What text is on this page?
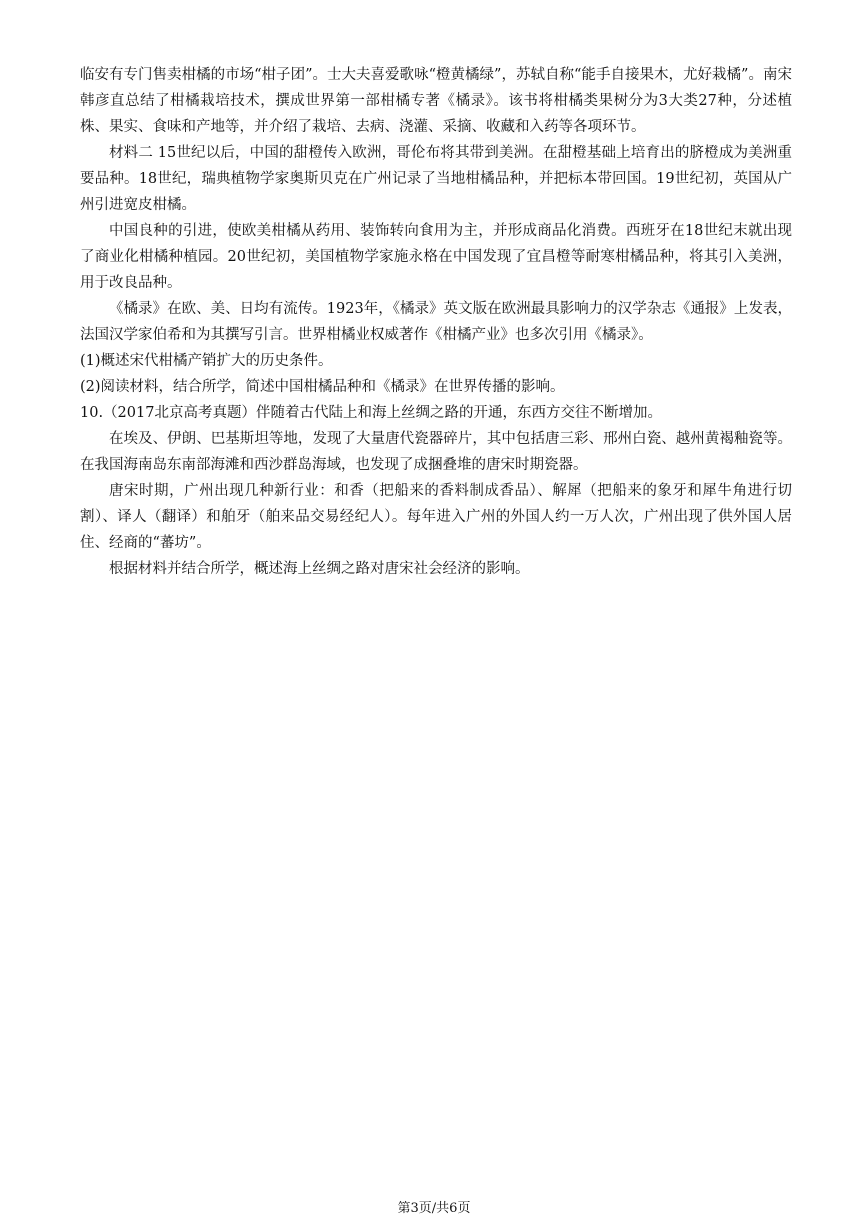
临安有专门售卖柑橘的市场“柑子团”。士大夫喜爱歌咏“橙黄橘绿”，苏轼自称“能手自接果木，尤好栽橘”。南宋韩彦直总结了柑橘栽培技术，撰成世界第一部柑橘专著《橘录》。该书将柑橘类果树分为3大类27种，分述植株、果实、食味和产地等，并介绍了栽培、去病、浇灌、采摘、收藏和入药等各项环节。

材料二 15世纪以后，中国的甜橙传入欧洲，哥伦布将其带到美洲。在甜橙基础上培育出的脐橙成为美洲重要品种。18世纪，瑞典植物学家奥斯贝克在广州记录了当地柑橘品种，并把标本带回国。19世纪初，英国从广州引进宽皮柑橘。

中国良种的引进，使欧美柑橘从药用、装饰转向食用为主，并形成商品化消费。西班牙在18世纪末就出现了商业化柑橘种植园。20世纪初，美国植物学家施永格在中国发现了宜昌橙等耐寒柑橘品种，将其引入美洲，用于改良品种。

《橘录》在欧、美、日均有流传。1923年，《橘录》英文版在欧洲最具影响力的汉学杂志《通报》上发表，法国汉学家伯希和为其撰写引言。世界柑橘业权威著作《柑橘产业》也多次引用《橘录》。

(1)概述宋代柑橘产销扩大的历史条件。

(2)阅读材料，结合所学，简述中国柑橘品种和《橘录》在世界传播的影响。

10.（2017北京高考真题）伴随着古代陆上和海上丝绸之路的开通，东西方交往不断增加。

在埃及、伊朗、巴基斯坦等地，发现了大量唐代瓷器碎片，其中包括唐三彩、邢州白瓷、越州黄褐釉瓷等。在我国海南岛东南部海滩和西沙群岛海域，也发现了成捆叠堆的唐宋时期瓷器。

唐宋时期，广州出现几种新行业：和香（把船来的香料制成香品）、解犀（把船来的象牙和犀牛角进行切割）、译人（翻译）和舶牙（舶来品交易经纪人）。每年进入广州的外国人约一万人次，广州出现了供外国人居住、经商的“蕃坊”。

根据材料并结合所学，概述海上丝绸之路对唐宋社会经济的影响。

第3页/共6页
